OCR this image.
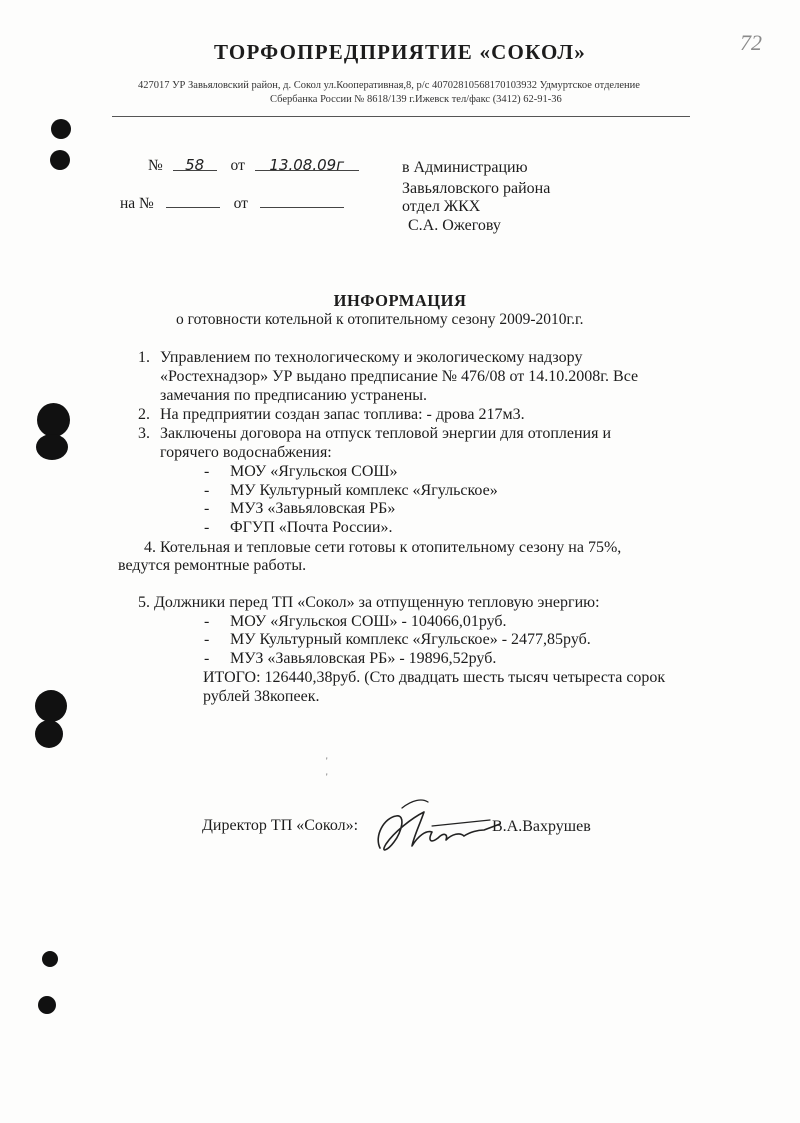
72
ТОРФОПРЕДПРИЯТИЕ «СОКОЛ»
427017 УР Завьяловский район, д. Сокол ул.Кооперативная,8, р/с 40702810568170103932 Удмуртское отделение
Сбербанка России № 8618/139 г.Ижевск тел/факс (3412) 62-91-36
№ 58 от 13.08.09г
на №	от
в Администрацию
Завьяловского района
отдел ЖКХ
С.А. Ожегову
ИНФОРМАЦИЯ
о готовности котельной к отопительному сезону 2009-2010г.г.
1. Управлением по технологическому и экологическому надзору
«Ростехнадзор» УР выдано предписание № 476/08 от 14.10.2008г. Все
замечания по предписанию устранены.
2. На предприятии создан запас топлива: - дрова 217м3.
3. Заключены договора на отпуск тепловой энергии для отопления и
горячего водоснабжения:
- МОУ «Ягульскоя СОШ»
- МУ Культурный комплекс «Ягульское»
- МУЗ «Завьяловская РБ»
- ФГУП «Почта России».
4. Котельная и тепловые сети готовы к отопительному сезону на 75%,
ведутся ремонтные работы.
5. Должники перед ТП «Сокол» за отпущенную тепловую энергию:
- МОУ «Ягульскоя СОШ» - 104066,01руб.
- МУ Культурный комплекс «Ягульское» - 2477,85руб.
- МУЗ «Завьяловская РБ» - 19896,52руб.
ИТОГО: 126440,38руб. (Сто двадцать шесть тысяч четыреста сорок
рублей 38копеек.
'
'
Директор ТП «Сокол»:	В.А.Вахрушев
